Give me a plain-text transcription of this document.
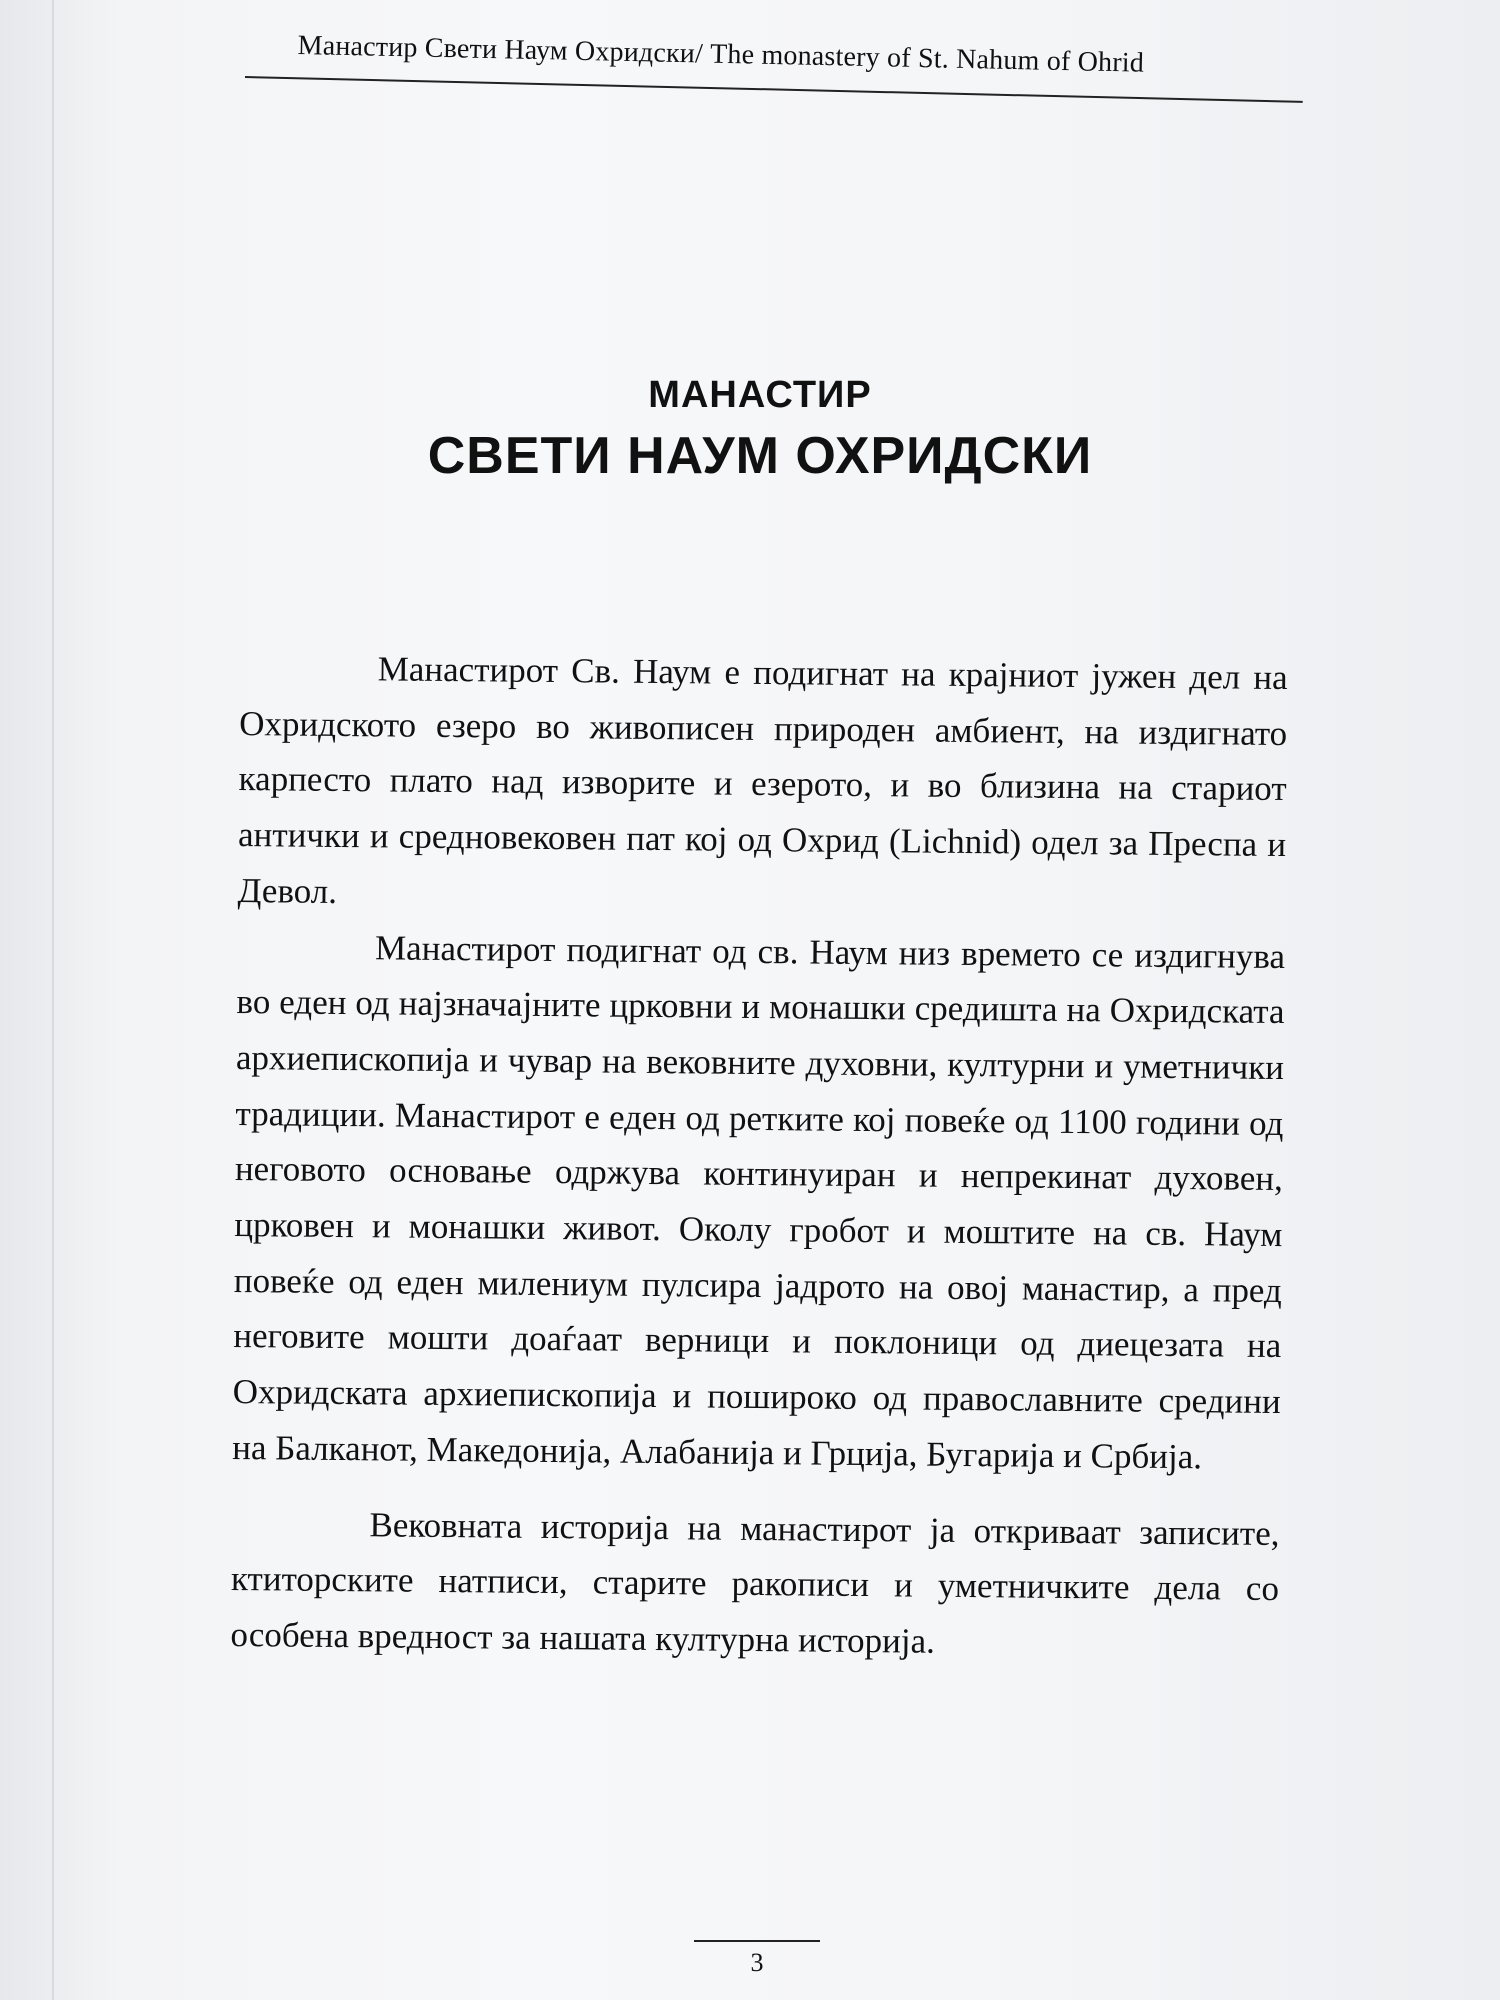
Манастир Свети Наум Охридски/ The monastery of St. Nahum of Ohrid
МАНАСТИР
СВЕТИ НАУМ ОХРИДСКИ

Манастирот Св. Наум е подигнат на крајниот јужен дел на Охридското езеро во живописен природен амбиент, на издигнато карпесто плато над изворите и езерото, и во близина на стариот антички и средновековен пат кој од Охрид (Lichnid) одел за Преспа и Девол.

Манастирот подигнат од св. Наум низ времето се издигнува во еден од најзначајните црковни и монашки средишта на Охридската архиепископија и чувар на вековните духовни, културни и уметнички традиции. Манастирот е еден од ретките кој повеќе од 1100 години од неговото основање одржува континуиран и непрекинат духовен, црковен и монашки живот. Околу гробот и моштите на св. Наум повеќе од еден милениум пулсира јадрото на овој манастир, а пред неговите мошти доаѓаат верници и поклоници од диецезата на Охридската архиепископија и пошироко од православните средини на Балканот, Македонија, Алабанија и Грција, Бугарија и Србија.

Вековната историја на манастирот ја откриваат записите, ктиторските натписи, старите ракописи и уметничките дела со особена вредност за нашата културна историја.

3
